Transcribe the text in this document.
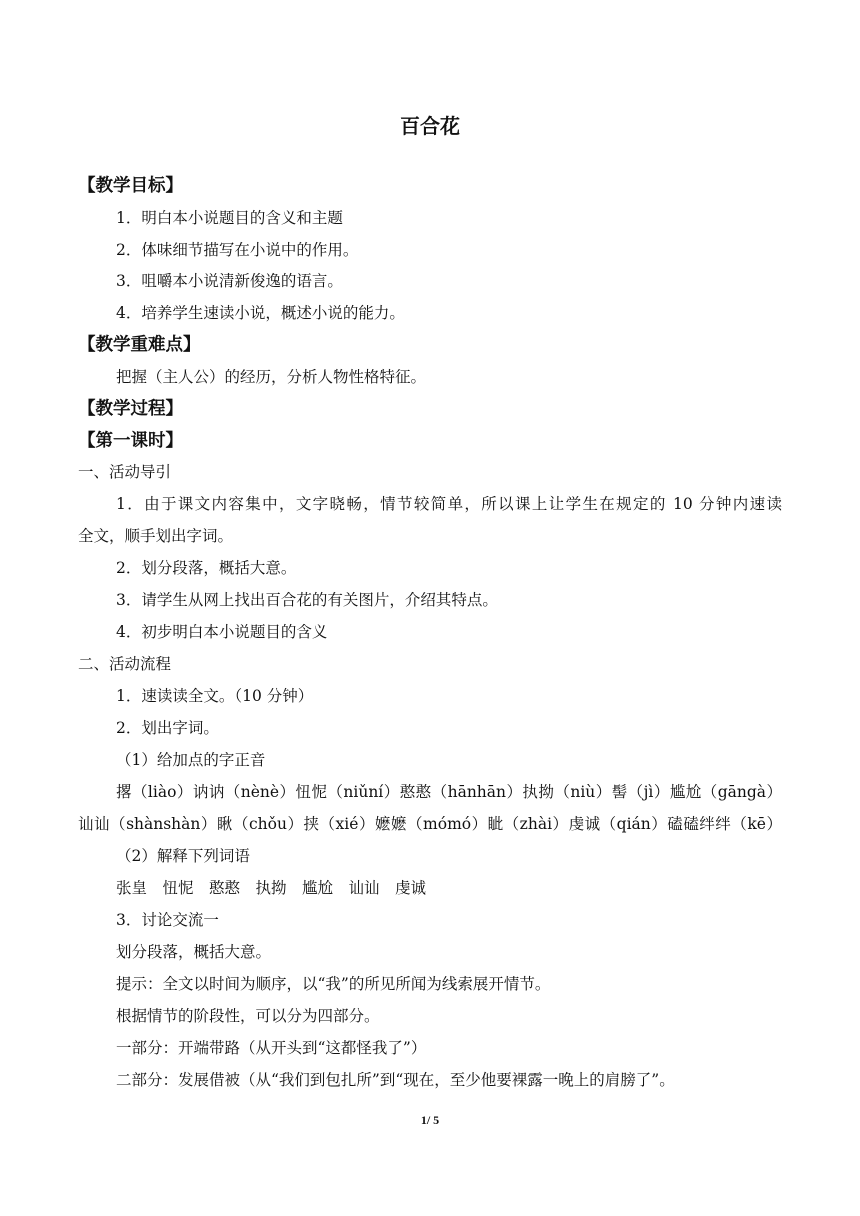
百合花
【教学目标】
1．明白本小说题目的含义和主题
2．体味细节描写在小说中的作用。
3．咀嚼本小说清新俊逸的语言。
4．培养学生速读小说，概述小说的能力。
【教学重难点】
把握（主人公）的经历，分析人物性格特征。
【教学过程】
【第一课时】
一、活动导引
1．由于课文内容集中，文字晓畅，情节较简单，所以课上让学生在规定的 10 分钟内速读
全文，顺手划出字词。
2．划分段落，概括大意。
3．请学生从网上找出百合花的有关图片，介绍其特点。
4．初步明白本小说题目的含义
二、活动流程
1．速读读全文。（10 分钟）
2．划出字词。
（1）给加点的字正音
撂（liào）讷讷（nènè）忸怩（niǔní）憨憨（hānhān）执拗（niù）髻（jì）尴尬（gāngà）
讪讪（shànshàn）瞅（chǒu）挟（xié）嬷嬷（mómó）眦（zhài）虔诚（qián）磕磕绊绊（kē）
（2）解释下列词语
张皇　忸怩　憨憨　执拗　尴尬　讪讪　虔诚
3．讨论交流一
划分段落，概括大意。
提示：全文以时间为顺序，以“我”的所见所闻为线索展开情节。
根据情节的阶段性，可以分为四部分。
一部分：开端带路（从开头到“这都怪我了”）
二部分：发展借被（从“我们到包扎所”到“现在，至少他要裸露一晚上的肩膀了”。
1/ 5
